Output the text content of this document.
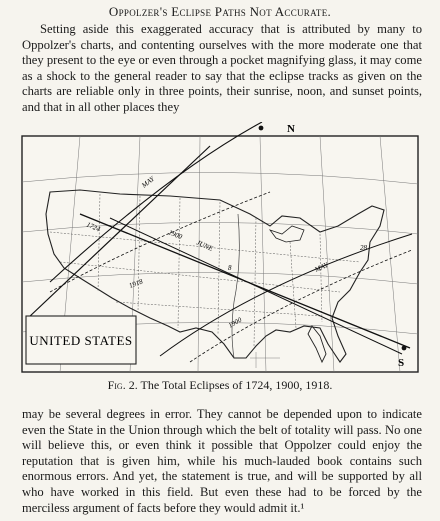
Oppolzer's Eclipse Paths Not Accurate.
Setting aside this exaggerated accuracy that is attributed by many to Oppolzer's charts, and contenting ourselves with the more moderate one that they present to the eye or even through a pocket magnifying glass, it may come as a shock to the general reader to say that the eclipse tracks as given on the charts are reliable only in three points, their sunrise, noon, and sunset points, and that in all other places they
UNITED STATES
N
S
MAY
1724
1900
JUNE
8	MAY
28
1900
1918
Fig. 2. The Total Eclipses of 1724, 1900, 1918.
may be several degrees in error. They cannot be depended upon to indicate even the State in the Union through which the belt of totality will pass. No one will believe this, or even think it possible that Oppolzer could enjoy the reputation that is given him, while his much-lauded book contains such enormous errors. And yet, the statement is true, and will be supported by all who have worked in this field. But even these had to be forced by the merciless argument of facts before they would admit it.¹
